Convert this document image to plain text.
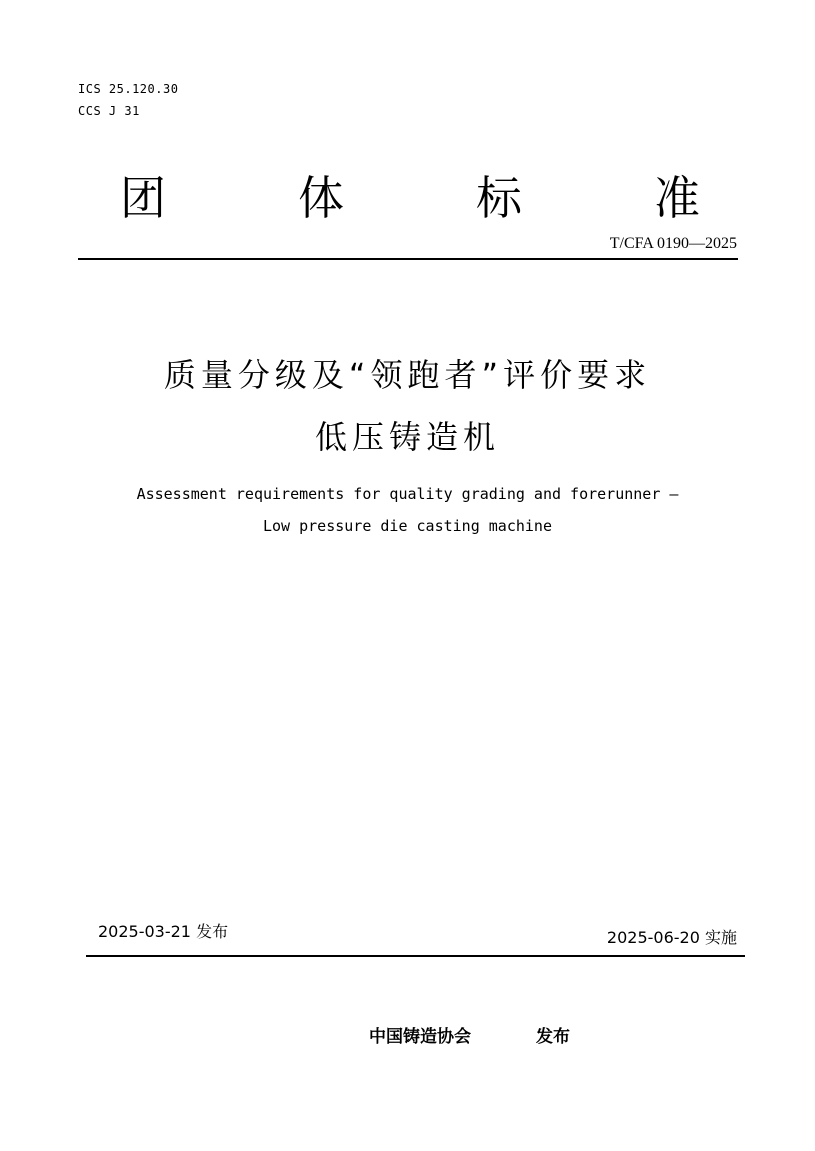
ICS 25.120.30
CCS J 31
团	体	标	准
T/CFA 0190—2025
质量分级及“领跑者”评价要求
低压铸造机
Assessment requirements for quality grading and forerunner —
Low pressure die casting machine
2025-03-21 发布	2025-06-20 实施
中国铸造协会	发布
